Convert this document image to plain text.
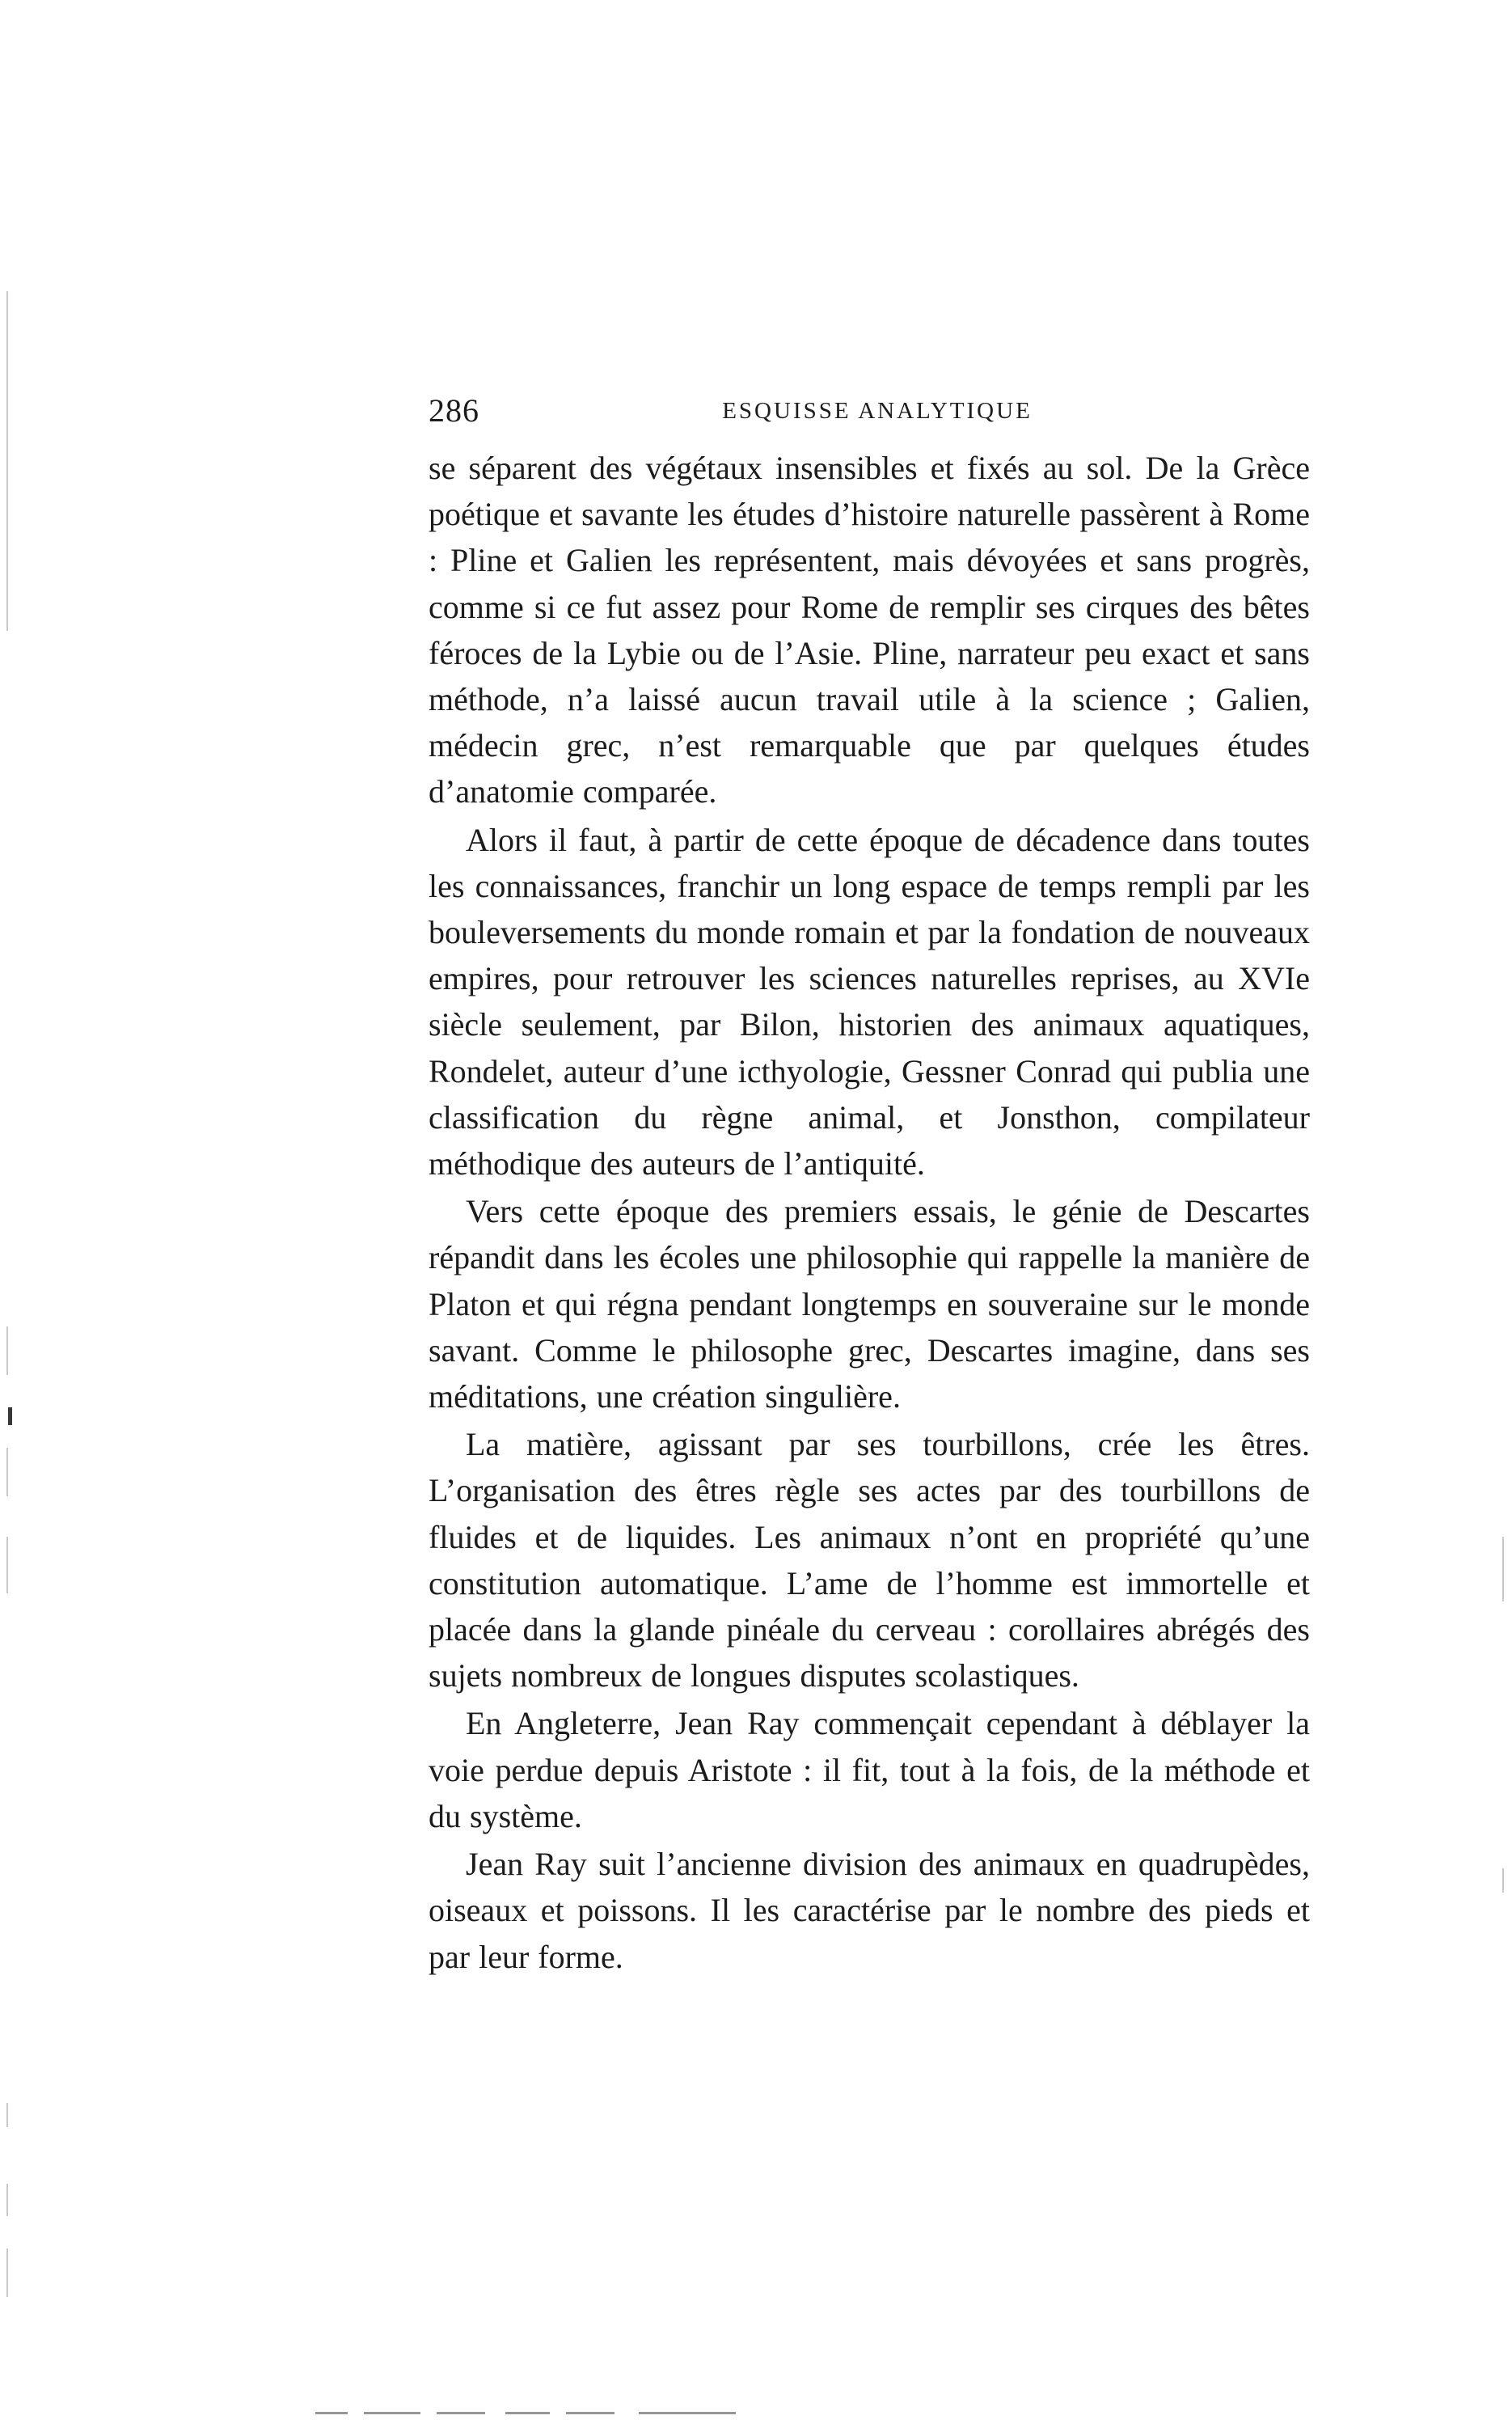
286	ESQUISSE ANALYTIQUE

se séparent des végétaux insensibles et fixés au sol. De la Grèce poétique et savante les études d’histoire naturelle passèrent à Rome : Pline et Galien les représentent, mais dévoyées et sans progrès, comme si ce fut assez pour Rome de remplir ses cirques des bêtes féroces de la Lybie ou de l’Asie. Pline, narrateur peu exact et sans méthode, n’a laissé aucun travail utile à la science ; Galien, médecin grec, n’est remarquable que par quelques études d’anatomie comparée.

Alors il faut, à partir de cette époque de décadence dans toutes les connaissances, franchir un long espace de temps rempli par les bouleversements du monde romain et par la fondation de nouveaux empires, pour retrouver les sciences naturelles reprises, au XVIe siècle seulement, par Bilon, historien des animaux aquatiques, Rondelet, auteur d’une icthyologie, Gessner Conrad qui publia une classification du règne animal, et Jonsthon, compilateur méthodique des auteurs de l’antiquité.

Vers cette époque des premiers essais, le génie de Descartes répandit dans les écoles une philosophie qui rappelle la manière de Platon et qui régna pendant longtemps en souveraine sur le monde savant. Comme le philosophe grec, Descartes imagine, dans ses méditations, une création singulière.

La matière, agissant par ses tourbillons, crée les êtres. L’organisation des êtres règle ses actes par des tourbillons de fluides et de liquides. Les animaux n’ont en propriété qu’une constitution automatique. L’ame de l’homme est immortelle et placée dans la glande pinéale du cerveau : corollaires abrégés des sujets nombreux de longues disputes scolastiques.

En Angleterre, Jean Ray commençait cependant à déblayer la voie perdue depuis Aristote : il fit, tout à la fois, de la méthode et du système.

Jean Ray suit l’ancienne division des animaux en quadrupèdes, oiseaux et poissons. Il les caractérise par le nombre des pieds et par leur forme.
